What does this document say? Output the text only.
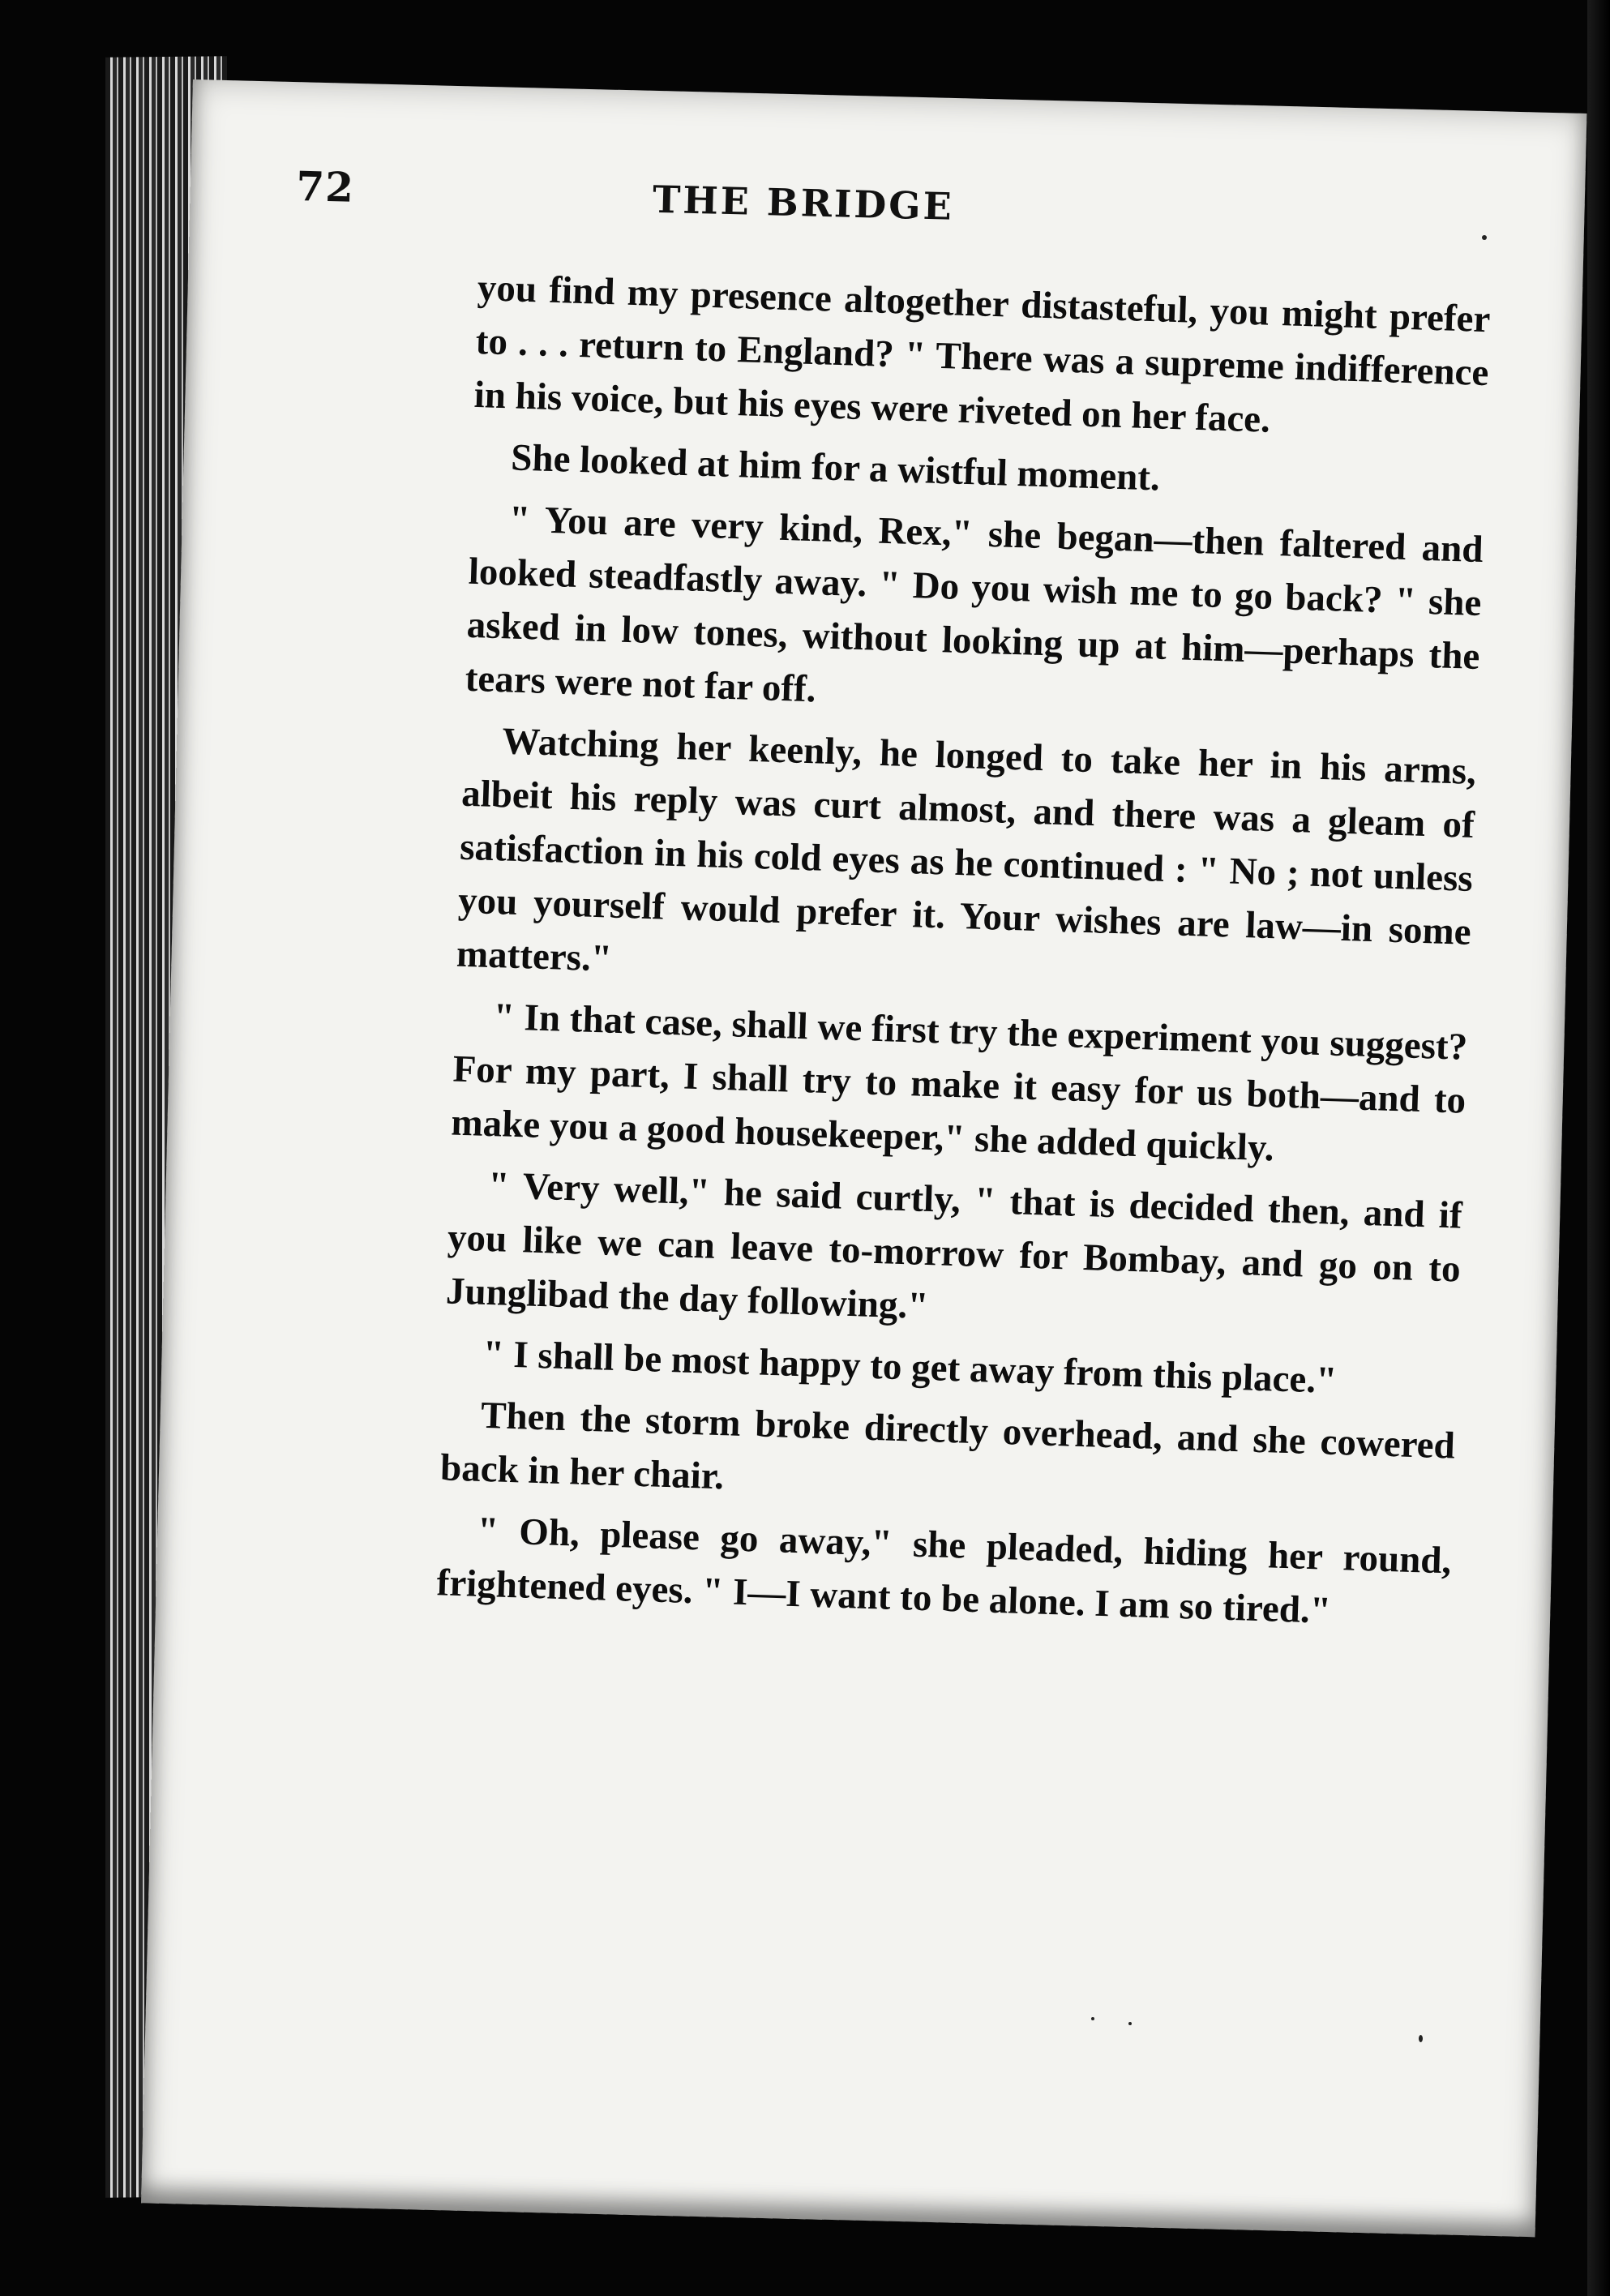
72	THE BRIDGE

you find my presence altogether distasteful, you might prefer to . . . return to England? " There was a supreme indifference in his voice, but his eyes were riveted on her face.

She looked at him for a wistful moment.

" You are very kind, Rex," she began—then faltered and looked steadfastly away. " Do you wish me to go back? " she asked in low tones, without looking up at him—perhaps the tears were not far off.

Watching her keenly, he longed to take her in his arms, albeit his reply was curt almost, and there was a gleam of satisfaction in his cold eyes as he continued : " No ; not unless you yourself would prefer it. Your wishes are law—in some matters."

" In that case, shall we first try the experiment you suggest? For my part, I shall try to make it easy for us both—and to make you a good housekeeper," she added quickly.

" Very well," he said curtly, " that is decided then, and if you like we can leave to-morrow for Bombay, and go on to Junglibad the day following."

" I shall be most happy to get away from this place."

Then the storm broke directly overhead, and she cowered back in her chair.

" Oh, please go away," she pleaded, hiding her round, frightened eyes. " I—I want to be alone. I am so tired."
